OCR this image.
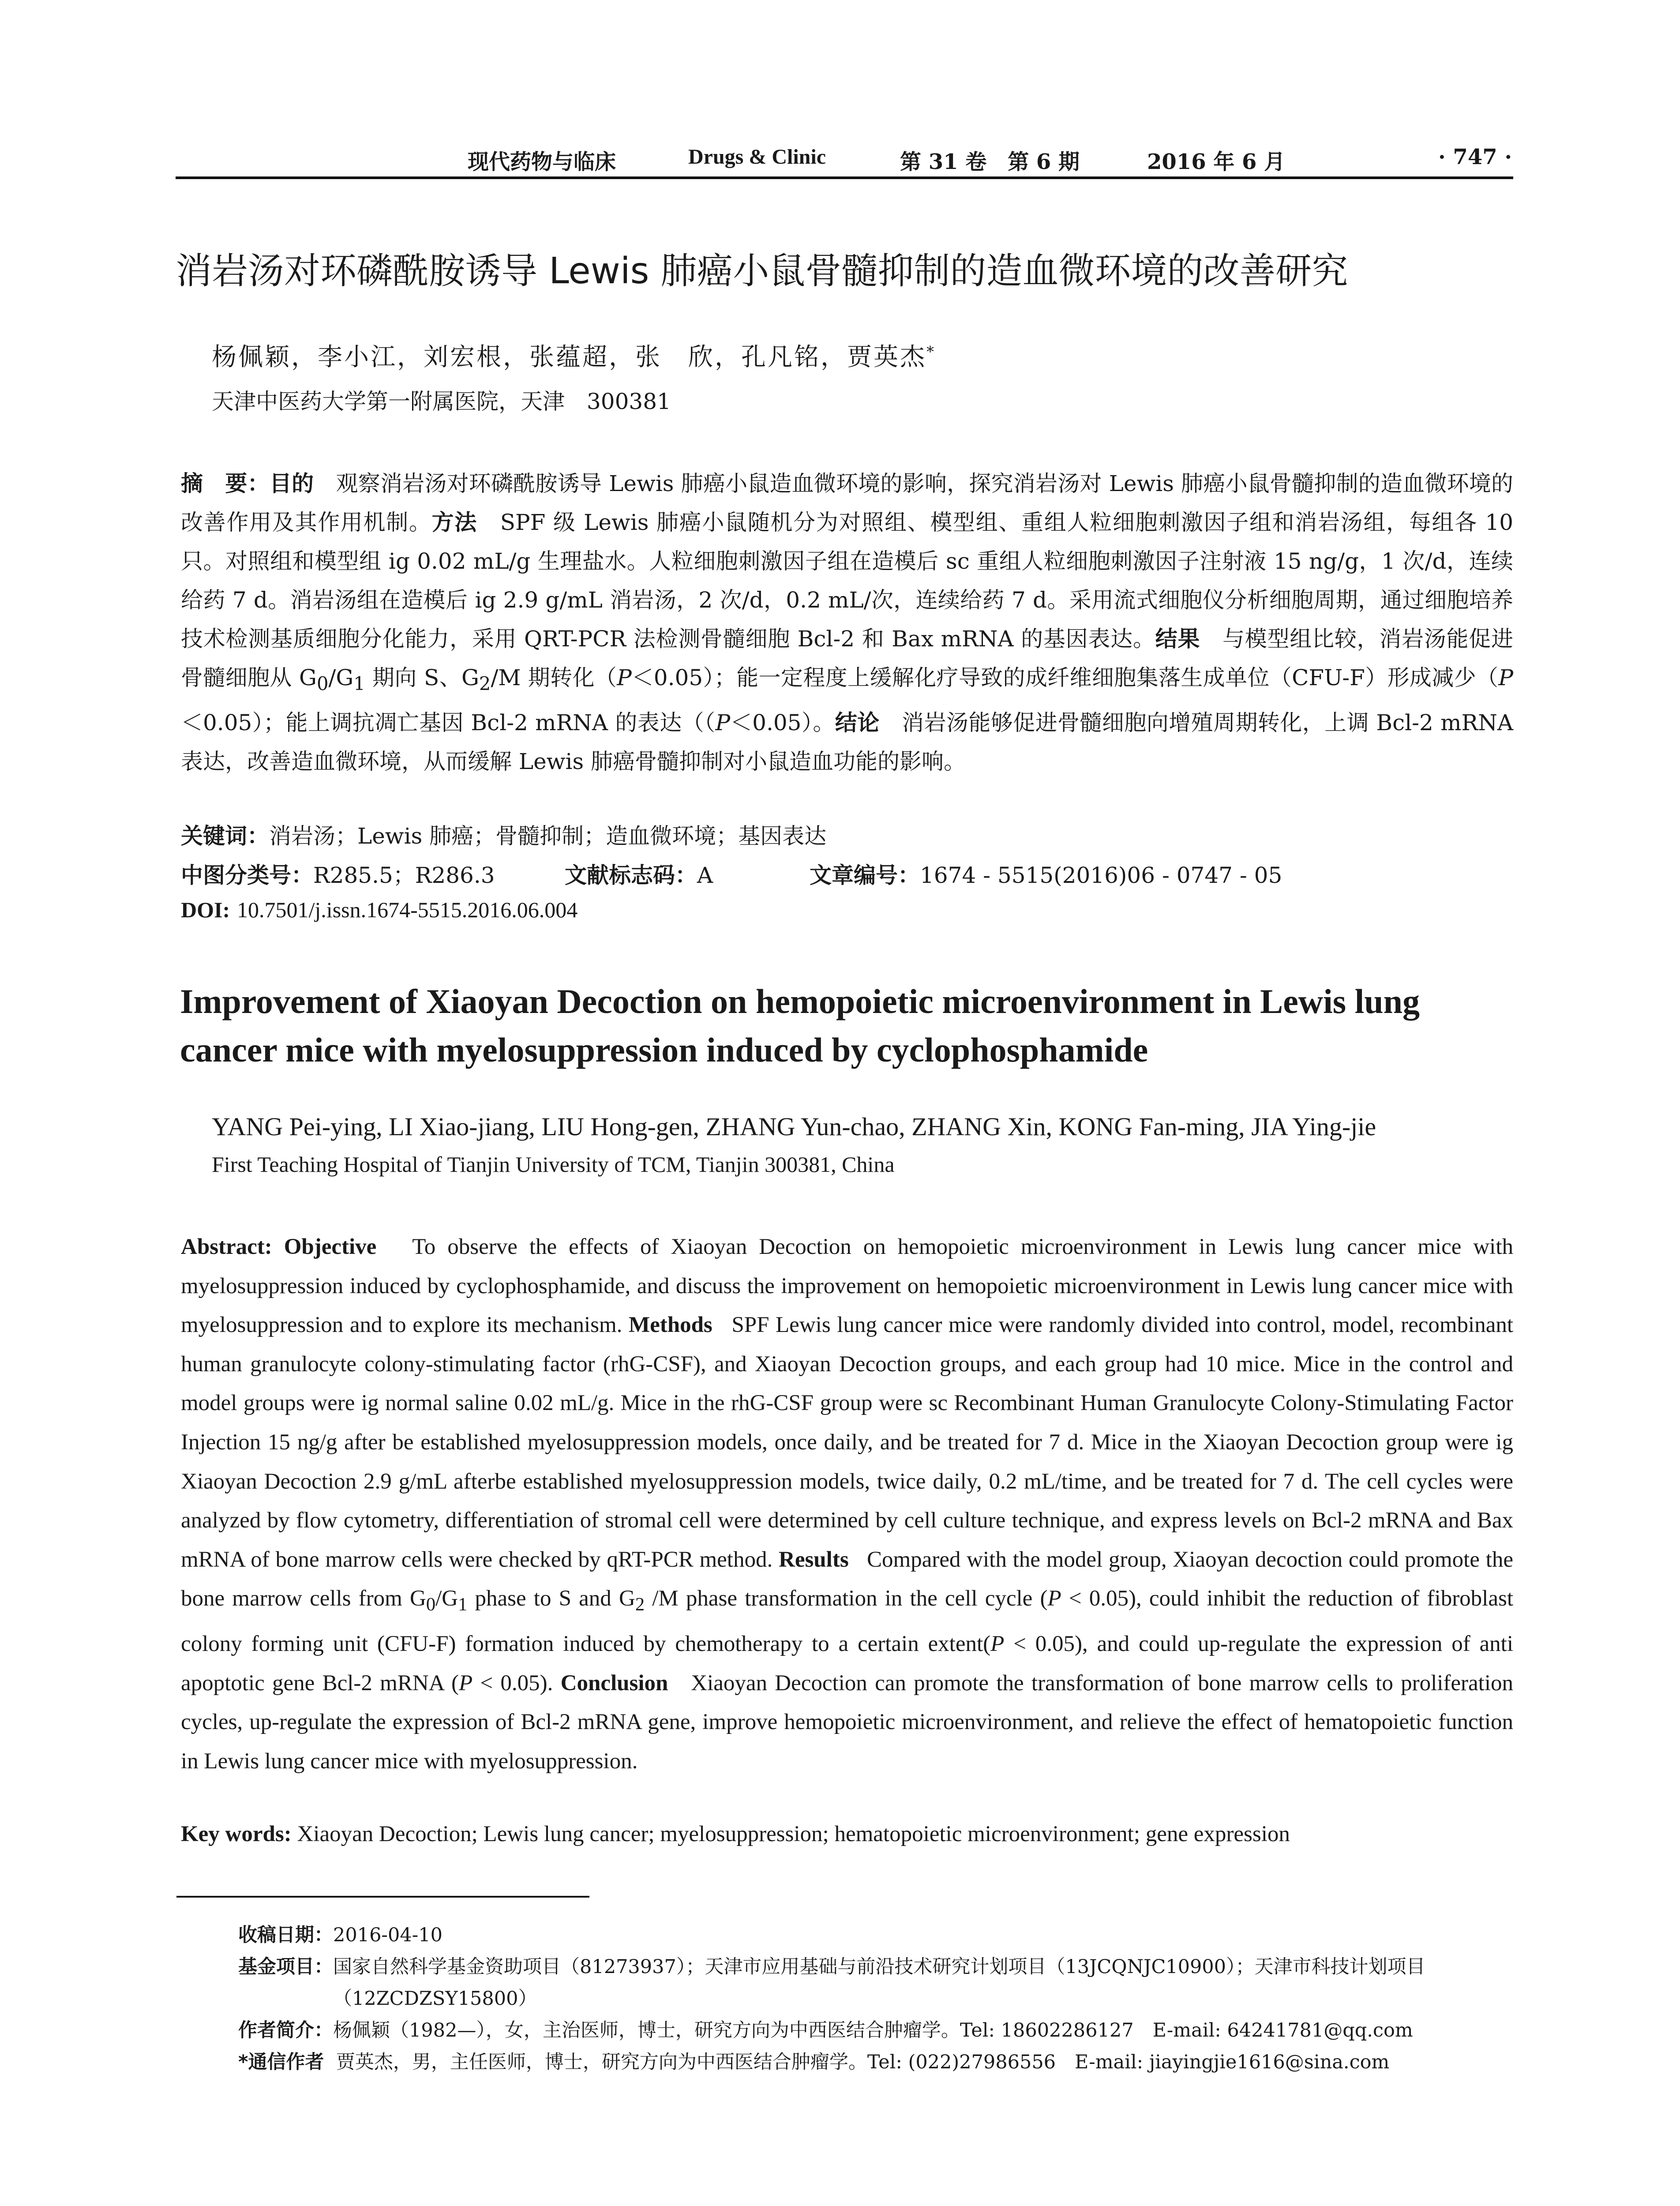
现代药物与临床	Drugs & Clinic	第 31 卷　第 6 期	2016 年 6 月	· 747 ·
消岩汤对环磷酰胺诱导 Lewis 肺癌小鼠骨髓抑制的造血微环境的改善研究
杨佩颖，李小江，刘宏根，张蕴超，张　欣，孔凡铭，贾英杰*
天津中医药大学第一附属医院，天津　300381
摘　要：目的　 观察消岩汤对环磷酰胺诱导 Lewis 肺癌小鼠造血微环境的影响，探究消岩汤对 Lewis 肺癌小鼠骨髓抑制的造血微环境的改善作用及其作用机制。方法　 SPF 级 Lewis 肺癌小鼠随机分为对照组、模型组、重组人粒细胞刺激因子组和消岩汤组，每组各 10 只。对照组和模型组 ig 0.02 mL/g 生理盐水。人粒细胞刺激因子组在造模后 sc 重组人粒细胞刺激因子注射液 15 ng/g，1 次/d，连续给药 7 d。消岩汤组在造模后 ig 2.9 g/mL 消岩汤，2 次/d，0.2 mL/次，连续给药 7 d。采用流式细胞仪分析细胞周期，通过细胞培养技术检测基质细胞分化能力，采用 QRT-PCR 法检测骨髓细胞 Bcl-2 和 Bax mRNA 的基因表达。结果　 与模型组比较，消岩汤能促进骨髓细胞从 $G_0/G_1$ 期向 S、$G_2/M$ 期转化（P＜0.05）；能一定程度上缓解化疗导致的成纤维细胞集落生成单位（CFU-F）形成减少（P＜0.05）；能上调抗凋亡基因 Bcl-2 mRNA 的表达（（P＜0.05）。结论　 消岩汤能够促进骨髓细胞向增殖周期转化，上调 Bcl-2 mRNA 表达，改善造血微环境，从而缓解 Lewis 肺癌骨髓抑制对小鼠造血功能的影响。
关键词：消岩汤；Lewis 肺癌；骨髓抑制；造血微环境；基因表达
中图分类号：R285.5；R286.3	文献标志码：A	文章编号：1674 - 5515(2016)06 - 0747 - 05
DOI: 10.7501/j.issn.1674-5515.2016.06.004
Improvement of Xiaoyan Decoction on hemopoietic microenvironment in Lewis lung cancer mice with myelosuppression induced by cyclophosphamide
YANG Pei-ying, LI Xiao-jiang, LIU Hong-gen, ZHANG Yun-chao, ZHANG Xin, KONG Fan-ming, JIA Ying-jie
First Teaching Hospital of Tianjin University of TCM, Tianjin 300381, China
Abstract: Objective To observe the effects of Xiaoyan Decoction on hemopoietic microenvironment in Lewis lung cancer mice with myelosuppression induced by cyclophosphamide, and discuss the improvement on hemopoietic microenvironment in Lewis lung cancer mice with myelosuppression and to explore its mechanism. Methods SPF Lewis lung cancer mice were randomly divided into control, model, recombinant human granulocyte colony-stimulating factor (rhG-CSF), and Xiaoyan Decoction groups, and each group had 10 mice. Mice in the control and model groups were ig normal saline 0.02 mL/g. Mice in the rhG-CSF group were sc Recombinant Human Granulocyte Colony-Stimulating Factor Injection 15 ng/g after be established myelosuppression models, once daily, and be treated for 7 d. Mice in the Xiaoyan Decoction group were ig Xiaoyan Decoction 2.9 g/mL afterbe established myelosuppression models, twice daily, 0.2 mL/time, and be treated for 7 d. The cell cycles were analyzed by flow cytometry, differentiation of stromal cell were determined by cell culture technique, and express levels on Bcl-2 mRNA and Bax mRNA of bone marrow cells were checked by qRT-PCR method. Results Compared with the model group, Xiaoyan decoction could promote the bone marrow cells from $G_0/G_1$ phase to S and $G_2$ /M phase transformation in the cell cycle (P < 0.05), could inhibit the reduction of fibroblast colony forming unit (CFU-F) formation induced by chemotherapy to a certain extent(P < 0.05), and could up-regulate the expression of anti apoptotic gene Bcl-2 mRNA (P < 0.05). Conclusion Xiaoyan Decoction can promote the transformation of bone marrow cells to proliferation cycles, up-regulate the expression of Bcl-2 mRNA gene, improve hemopoietic microenvironment, and relieve the effect of hematopoietic function in Lewis lung cancer mice with myelosuppression.
Key words: Xiaoyan Decoction; Lewis lung cancer; myelosuppression; hematopoietic microenvironment; gene expression
收稿日期： 2016-04-10
基金项目： 国家自然科学基金资助项目（81273937）；天津市应用基础与前沿技术研究计划项目（13JCQNJC10900）；天津市科技计划项目（12ZCDZSY15800）
作者简介： 杨佩颖（1982—），女，主治医师，博士，研究方向为中西医结合肿瘤学。Tel: 18602286127　E-mail: 64241781@qq.com
*通信作者
贾英杰，男，主任医师，博士，研究方向为中西医结合肿瘤学。Tel: (022)27986556　E-mail: jiayingjie1616@sina.com
